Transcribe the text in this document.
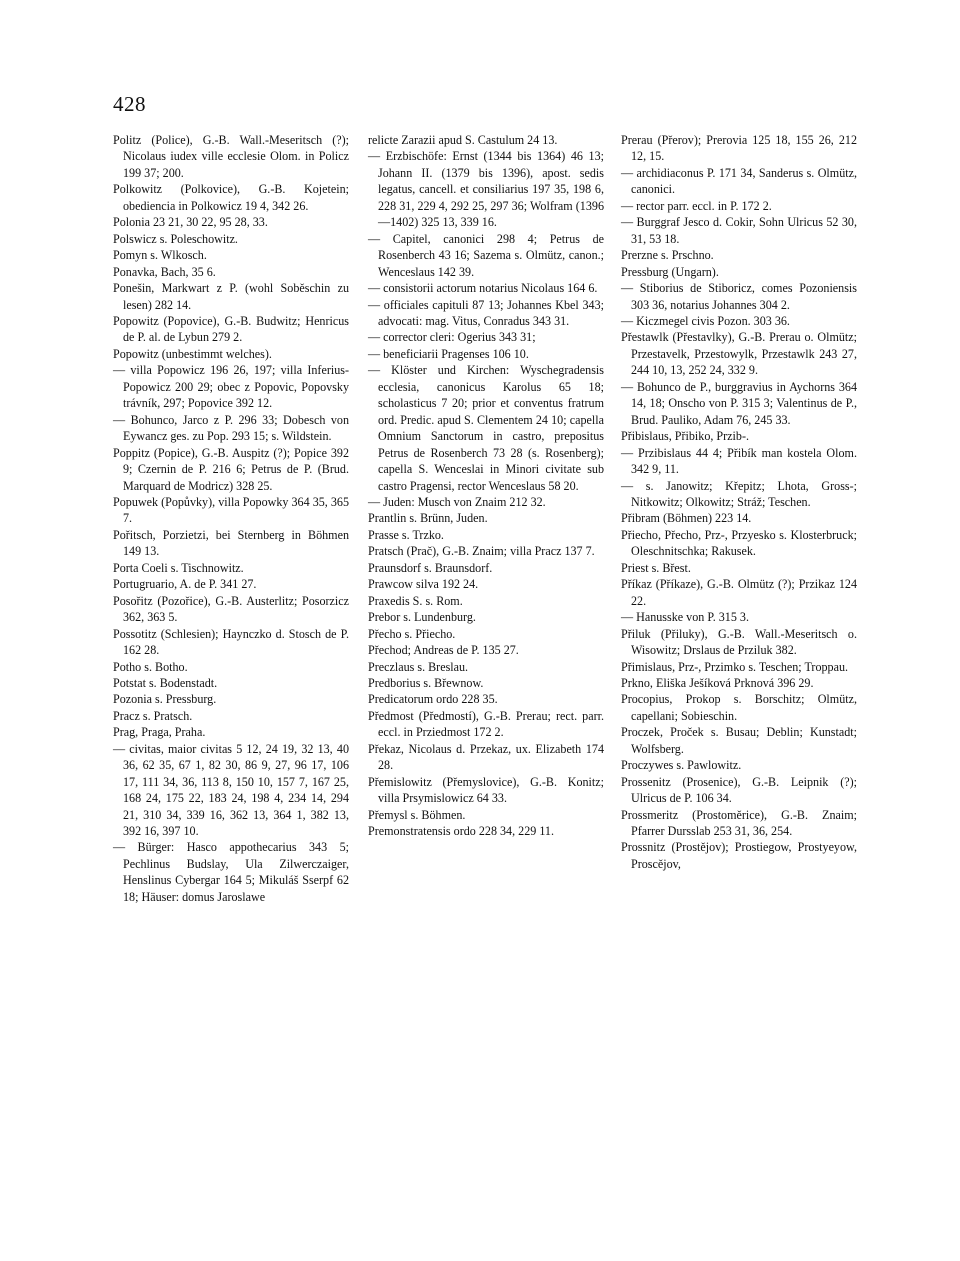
428

Politz (Police), G.-B. Wall.-Meseritsch (?); Nicolaus iudex ville ecclesie Olom. in Policz 199 37; 200.

Polkowitz (Polkovice), G.-B. Kojetein; obediencia in Polkowicz 19 4, 342 26.

Polonia 23 21, 30 22, 95 28, 33.

Polswicz s. Poleschowitz.

Pomyn s. Wlkosch.

Ponavka, Bach, 35 6.

Ponešin, Markwart z P. (wohl Soběschin zu lesen) 282 14.

Popowitz (Popovice), G.-B. Budwitz; Henricus de P. al. de Lybun 279 2.

Popowitz (unbestimmt welches).

— villa Popowicz 196 26, 197; villa Inferius-Popowicz 200 29; obec z Popovic, Popovsky trávník, 297; Popovice 392 12.

— Bohunco, Jarco z P. 296 33; Dobesch von Eywancz ges. zu Pop. 293 15; s. Wildstein.

Poppitz (Popice), G.-B. Auspitz (?); Popice 392 9; Czernin de P. 216 6; Petrus de P. (Brud. Marquard de Modricz) 328 25.

Popuwek (Popůvky), villa Popowky 364 35, 365 7.

Pořitsch, Porzietzi, bei Sternberg in Böhmen 149 13.

Porta Coeli s. Tischnowitz.

Portugruario, A. de P. 341 27.

Posořitz (Pozořice), G.-B. Austerlitz; Posorzicz 362, 363 5.

Possotitz (Schlesien); Haynczko d. Stosch de P. 162 28.

Potho s. Botho.

Potstat s. Bodenstadt.

Pozonia s. Pressburg.

Pracz s. Pratsch.

Prag, Praga, Praha.

— civitas, maior civitas 5 12, 24 19, 32 13, 40 36, 62 35, 67 1, 82 30, 86 9, 27, 96 17, 106 17, 111 34, 36, 113 8, 150 10, 157 7, 167 25, 168 24, 175 22, 183 24, 198 4, 234 14, 294 21, 310 34, 339 16, 362 13, 364 1, 382 13, 392 16, 397 10.

— Bürger: Hasco appothecarius 343 5; Pechlinus Budslay, Ula Zilwerczaiger, Henslinus Cybergar 164 5; Mikuláš Sserpf 62 18; Häuser: domus Jaroslawe

relicte Zarazii apud S. Castulum 24 13.

— Erzbischöfe: Ernst (1344 bis 1364) 46 13; Johann II. (1379 bis 1396), apost. sedis legatus, cancell. et consiliarius 197 35, 198 6, 228 31, 229 4, 292 25, 297 36; Wolfram (1396—1402) 325 13, 339 16.

— Capitel, canonici 298 4; Petrus de Rosenberch 43 16; Sazema s. Olmütz, canon.; Wenceslaus 142 39.

— consistorii actorum notarius Nicolaus 164 6.

— officiales capituli 87 13; Johannes Kbel 343; advocati: mag. Vitus, Conradus 343 31.

— corrector cleri: Ogerius 343 31;

— beneficiarii Pragenses 106 10.

— Klöster und Kirchen: Wyschegradensis ecclesia, canonicus Karolus 65 18; scholasticus 7 20; prior et conventus fratrum ord. Predic. apud S. Clementem 24 10; capella Omnium Sanctorum in castro, prepositus Petrus de Rosenberch 73 28 (s. Rosenberg); capella S. Wenceslai in Minori civitate sub castro Pragensi, rector Wenceslaus 58 20.

— Juden: Musch von Znaim 212 32.

Prantlin s. Brünn, Juden.

Prasse s. Trzko.

Pratsch (Prač), G.-B. Znaim; villa Pracz 137 7.

Praunsdorf s. Braunsdorf.

Prawcow silva 192 24.

Praxedis S. s. Rom.

Prebor s. Lundenburg.

Přecho s. Přiecho.

Přechod; Andreas de P. 135 27.

Preczlaus s. Breslau.

Predborius s. Břewnow.

Predicatorum ordo 228 35.

Předmost (Předmostí), G.-B. Prerau; rect. parr. eccl. in Prziedmost 172 2.

Překaz, Nicolaus d. Przekaz, ux. Elizabeth 174 28.

Přemislowitz (Přemyslovice), G.-B. Konitz; villa Prsymislowicz 64 33.

Přemysl s. Böhmen.

Premonstratensis ordo 228 34, 229 11.

Prerau (Přerov); Prerovia 125 18, 155 26, 212 12, 15.

— archidiaconus P. 171 34, Sanderus s. Olmütz, canonici.

— rector parr. eccl. in P. 172 2.

— Burggraf Jesco d. Cokir, Sohn Ulricus 52 30, 31, 53 18.

Prerzne s. Prschno.

Pressburg (Ungarn).

— Stiborius de Stiboricz, comes Pozoniensis 303 36, notarius Johannes 304 2.

— Kiczmegel civis Pozon. 303 36.

Přestawlk (Přestavlky), G.-B. Prerau o. Olmütz; Przestavelk, Przestowylk, Przestawlk 243 27, 244 10, 13, 252 24, 332 9.

— Bohunco de P., burggravius in Aychorns 364 14, 18; Onscho von P. 315 3; Valentinus de P., Brud. Pauliko, Adam 76, 245 33.

Přibislaus, Přibiko, Przib-.

— Przibislaus 44 4; Přibík man kostela Olom. 342 9, 11.

— s. Janowitz; Křepitz; Lhota, Gross-; Nitkowitz; Olkowitz; Stráž; Teschen.

Přibram (Böhmen) 223 14.

Přiecho, Přecho, Prz-, Przyesko s. Klosterbruck; Oleschnitschka; Rakusek.

Priest s. Břest.

Příkaz (Příkaze), G.-B. Olmütz (?); Przikaz 124 22.

— Hanusske von P. 315 3.

Přiluk (Přiluky), G.-B. Wall.-Meseritsch o. Wisowitz; Drslaus de Prziluk 382.

Přimislaus, Prz-, Przimko s. Teschen; Troppau.

Prkno, Eliška Ješíková Prknová 396 29.

Procopius, Prokop s. Borschitz; Olmütz, capellani; Sobieschin.

Proczek, Proček s. Busau; Deblin; Kunstadt; Wolfsberg.

Proczywes s. Pawlowitz.

Prossenitz (Prosenice), G.-B. Leipnik (?); Ulricus de P. 106 34.

Prossmeritz (Prostoměrice), G.-B. Znaim; Pfarrer Dursslab 253 31, 36, 254.

Prossnitz (Prostějov); Prostiegow, Prostyeyow, Proscějov,
